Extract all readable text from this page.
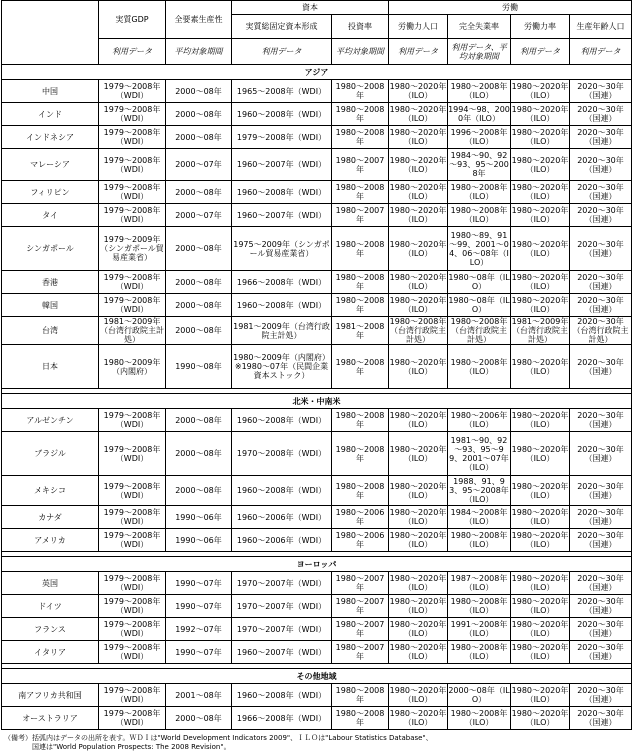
	実質GDP	全要素生産性	資本		労働			
			実質総固定資本形成	投資率	労働力人口	完全失業率	労働力率	生産年齢人口
	利用データ	平均対象期間	利用データ	平均対象期間	利用データ	利用データ、平均対象期間	利用データ	利用データ
アジア								
中国	1979～2008年（WDI）	2000～08年	1965～2008年（WDI）	1980～2008年	1980～2020年（ILO）	1980～2008年（ILO）	1980～2020年（ILO）	2020～30年（国連）
インド	1979～2008年（WDI）	2000～08年	1960～2008年（WDI）	1980～2008年	1980～2020年（ILO）	1994～98、2000年（ILO）	1980～2020年（ILO）	2020～30年（国連）
インドネシア	1979～2008年（WDI）	2000～08年	1979～2008年（WDI）	1980～2008年	1980～2020年（ILO）	1996～2008年（ILO）	1980～2020年（ILO）	2020～30年（国連）
マレーシア	1979～2008年（WDI）	2000～07年	1960～2007年（WDI）	1980～2007年	1980～2020年（ILO）	1984～90、92～93、95～2008年	1980～2020年（ILO）	2020～30年（国連）
フィリピン	1979～2008年（WDI）	2000～08年	1960～2008年（WDI）	1980～2008年	1980～2020年（ILO）	1980～2008年（ILO）	1980～2020年（ILO）	2020～30年（国連）
タイ	1979～2008年（WDI）	2000～07年	1960～2007年（WDI）	1980～2007年	1980～2020年（ILO）	1980～2008年（ILO）	1980～2020年（ILO）	2020～30年（国連）
シンガポール	1979～2009年（シンガポール貿易産業省）	2000～08年	1975～2009年（シンガポール貿易産業省）	1980～2008年	1980～2020年（ILO）	1980～89、91～99、2001～04、06～08年（ILO）	1980～2020年（ILO）	2020～30年（国連）
香港	1979～2008年（WDI）	2000～08年	1966～2008年（WDI）	1980～2008年	1980～2020年（ILO）	1980～08年（ILO）	1980～2020年（ILO）	2020～30年（国連）
韓国	1979～2008年（WDI）	2000～08年	1960～2008年（WDI）	1980～2008年	1980～2020年（ILO）	1980～08年（ILO）	1980～2020年（ILO）	2020～30年（国連）
台湾	1981～2009年（台湾行政院主計処）	2000～08年	1981～2009年（台湾行政院主計処）	1981～2008年	1980～2008年（台湾行政院主計処）	1980～2008年（台湾行政院主計処）	1981～2009年（台湾行政院主計処）	2020～30年（台湾行政院主計処）
日本	1980～2009年（内閣府）	1990～08年	1980～2009年（内閣府）※1980～07年（民間企業資本ストック）	1980～2008年	1980～2020年（ILO）	1980～2008年（ILO）	1980～2020年（ILO）	2020～30年（国連）

北米・中南米								
アルゼンチン	1979～2008年（WDI）	2000～08年	1960～2008年（WDI）	1980～2008年	1980～2020年（ILO）	1980～2006年（ILO）	1980～2020年（ILO）	2020～30年（国連）
ブラジル	1979～2008年（WDI）	2000～08年	1970～2008年（WDI）	1980～2008年	1980～2020年（ILO）	1981～90、92～93、95～99、2001～07年（ILO）	1980～2020年（ILO）	2020～30年（国連）
メキシコ	1979～2008年（WDI）	2000～08年	1960～2008年（WDI）	1980～2008年	1980～2020年（ILO）	1988、91、93、95～2008年（ILO）	1980～2020年（ILO）	2020～30年（国連）
カナダ	1979～2008年（WDI）	1990～06年	1960～2006年（WDI）	1980～2006年	1980～2020年（ILO）	1984～2008年（ILO）	1980～2020年（ILO）	2020～30年（国連）
アメリカ	1979～2008年（WDI）	1990～06年	1960～2006年（WDI）	1980～2006年	1980～2020年（ILO）	1980～2008年（ILO）	1980～2020年（ILO）	2020～30年（国連）

ヨーロッパ								
英国	1979～2008年（WDI）	1990～07年	1970～2007年（WDI）	1980～2007年	1980～2020年（ILO）	1987～2008年（ILO）	1980～2020年（ILO）	2020～30年（国連）
ドイツ	1979～2008年（WDI）	1990～07年	1970～2007年（WDI）	1980～2007年	1980～2020年（ILO）	1980～2008年（ILO）	1980～2020年（ILO）	2020～30年（国連）
フランス	1979～2008年（WDI）	1992～07年	1970～2007年（WDI）	1980～2007年	1980～2020年（ILO）	1991～2008年（ILO）	1980～2020年（ILO）	2020～30年（国連）
イタリア	1979～2008年（WDI）	1990～07年	1960～2007年（WDI）	1980～2007年	1980～2020年（ILO）	1980～2008年（ILO）	1980～2020年（ILO）	2020～30年（国連）

その他地域								
南アフリカ共和国	1979～2008年（WDI）	2001～08年	1960～2008年（WDI）	1980～2008年	1980～2020年（ILO）	2000～08年（ILO）	1980～2020年（ILO）	2020～30年（国連）
オーストラリア	1979～2008年（WDI）	2000～08年	1966～2008年（WDI）	1980～2008年	1980～2020年（ILO）	1980～2008年（ILO）	1980～2020年（ILO）	2020～30年（国連）
（備考）括弧内はデータの出所を表す。ＷＤＩは"World Development Indicators 2009"、ＩＬＯは"Labour Statistics Database"、
国連は"World Population Prospects: The 2008 Revision"。
